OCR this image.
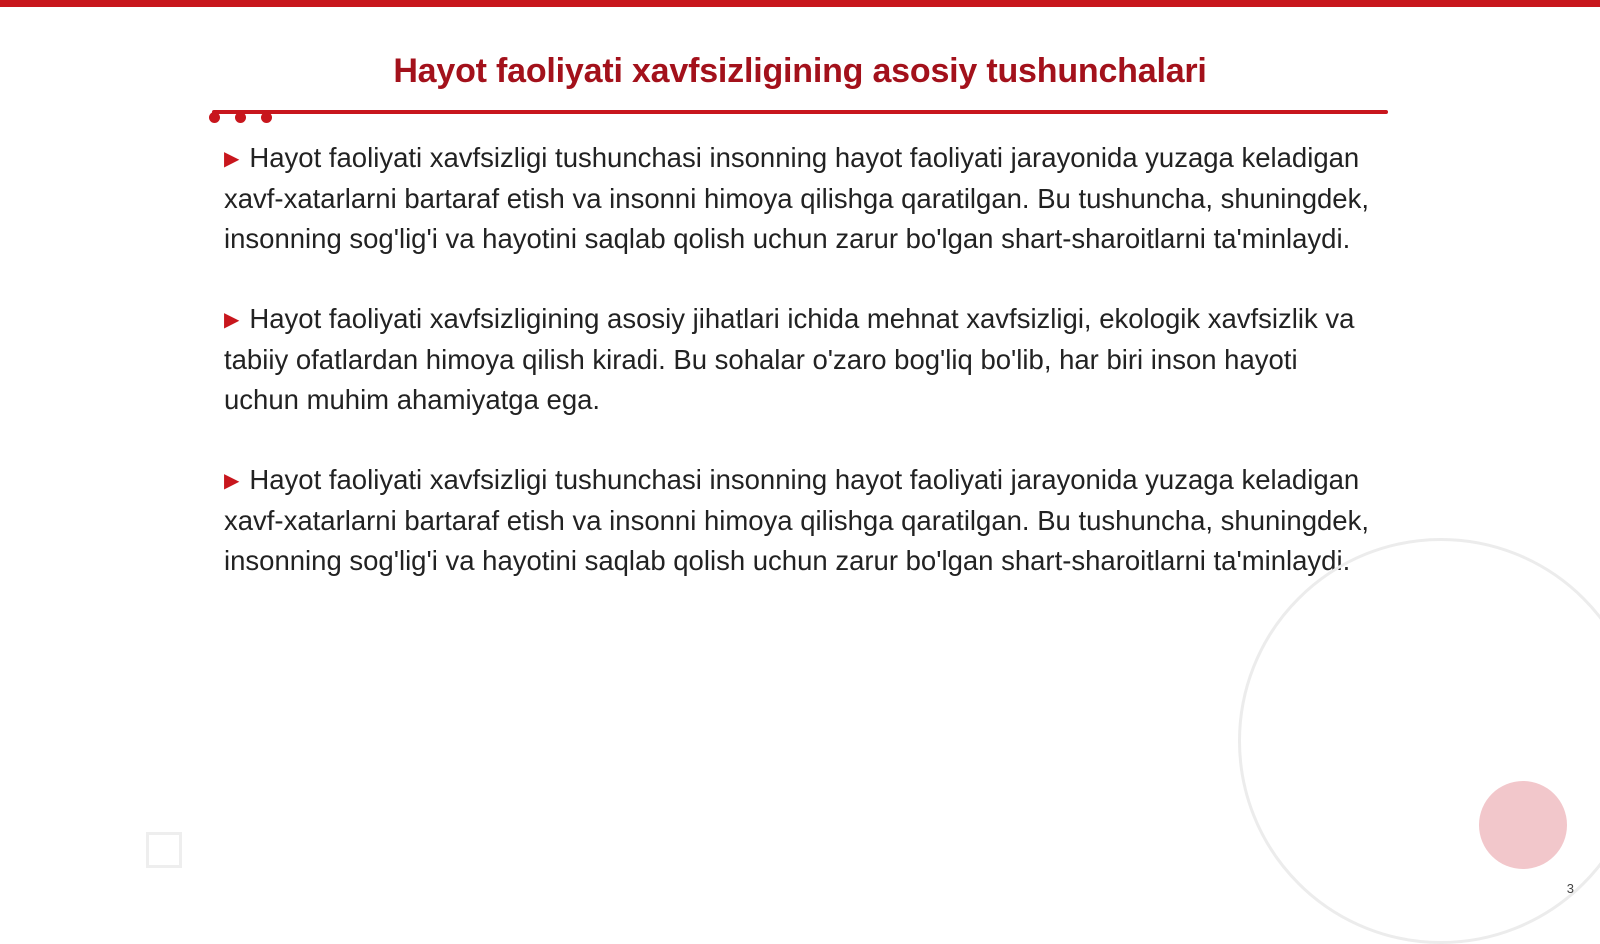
Hayot faoliyati xavfsizligining asosiy tushunchalari

▶ Hayot faoliyati xavfsizligi tushunchasi insonning hayot faoliyati jarayonida yuzaga keladigan xavf-xatarlarni bartaraf etish va insonni himoya qilishga qaratilgan. Bu tushuncha, shuningdek, insonning sog'lig'i va hayotini saqlab qolish uchun zarur bo'lgan shart-sharoitlarni ta'minlaydi.

▶ Hayot faoliyati xavfsizligining asosiy jihatlari ichida mehnat xavfsizligi, ekologik xavfsizlik va tabiiy ofatlardan himoya qilish kiradi. Bu sohalar o'zaro bog'liq bo'lib, har biri inson hayoti uchun muhim ahamiyatga ega.

▶ Hayot faoliyati xavfsizligi tushunchasi insonning hayot faoliyati jarayonida yuzaga keladigan xavf-xatarlarni bartaraf etish va insonni himoya qilishga qaratilgan. Bu tushuncha, shuningdek, insonning sog'lig'i va hayotini saqlab qolish uchun zarur bo'lgan shart-sharoitlarni ta'minlaydi.

3
